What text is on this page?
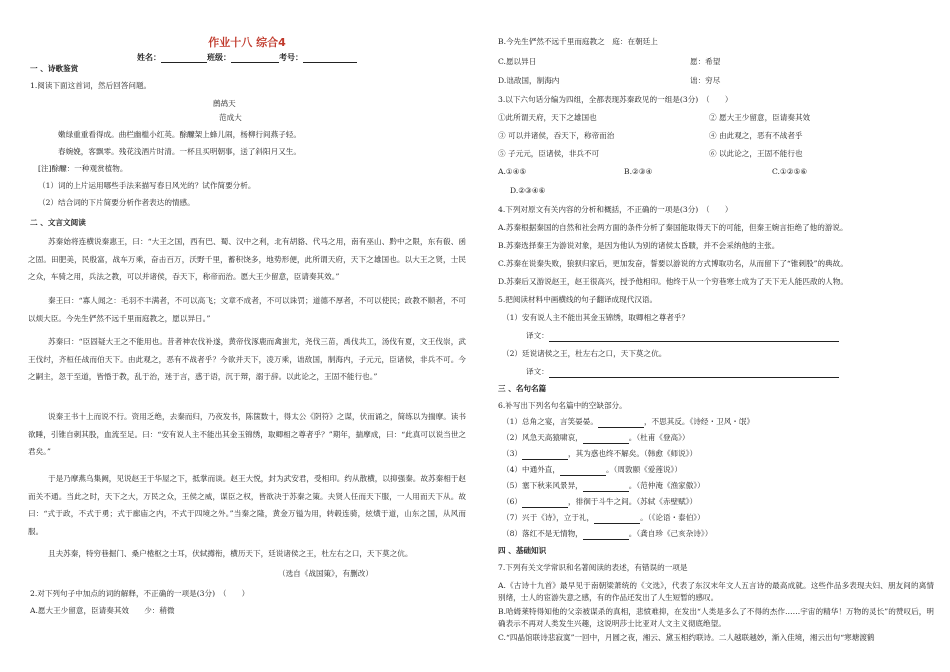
作业十八 综合4
姓名：	班级：	考号：
一 、诗歌鉴赏
1.阅读下面这首词，然后回答问题。
鹧鸪天
范成大
嫩绿重重看得成。曲栏幽槛小红英。酴醿架上蜂儿闹，杨柳行间燕子轻。
春婉娩，客飘零。残花浅酒片时清。一杯且买明朝事，送了斜阳月又生。
[注]酴醿：一种观赏植物。
（1）词的上片运用哪些手法来描写春日风光的？试作简要分析。
（2）结合词的下片简要分析作者表达的情感。
二 、文言文阅读
苏秦始将连横说秦惠王，曰：“大王之国，西有巴、蜀、汉中之利，北有胡貉、代马之用，南有巫山、黔中之限，东有殽、函之固。田肥美，民殷富，战车万乘，奋击百万，沃野千里，蓄积饶多，地势形便，此所谓天府，天下之雄国也。以大王之贤，士民之众，车骑之用，兵法之教，可以并诸侯，吞天下，称帝而治。愿大王少留意，臣请奏其效。”
秦王曰：“寡人闻之：毛羽不丰满者，不可以高飞；文章不成者，不可以诛罚；道德不厚者，不可以使民；政教不顺者，不可以烦大臣。今先生俨然不远千里而庭教之，愿以异日。”
苏秦曰：“臣固疑大王之不能用也。昔者神农伐补遂，黄帝伐涿鹿而禽蚩尤，尧伐三苗，禹伐共工，汤伐有夏，文王伐崇，武王伐纣，齐桓任战而伯天下。由此观之，恶有不战者乎？今欲并天下，凌万乘，诎敌国，制海内，子元元，臣诸侯，非兵不可。今之嗣主，忽于至道，皆惛于教，乱于治，迷于言，惑于语，沉于辩，溺于辞。以此论之，王固不能行也。”
说秦王书十上而说不行。资用乏绝，去秦而归，乃夜发书，陈箧数十，得太公《阴符》之谋，伏而诵之，简练以为揣摩。读书欲睡，引锥自刺其股，血流至足。曰：“安有说人主不能出其金玉锦绣，取卿相之尊者乎？”期年，揣摩成，曰：“此真可以说当世之君矣。”
于是乃摩燕乌集阙，见说赵王于华屋之下，抵掌而谈。赵王大悦，封为武安君，受相印。约从散横，以抑强秦。故苏秦相于赵而关不通。当此之时，天下之大，万民之众，王侯之威，谋臣之权，皆欲决于苏秦之策。夫贤人任而天下服，一人用而天下从。故曰：“式于政，不式于勇；式于廊庙之内，不式于四境之外。”当秦之隆，黄金万镒为用，转毂连骑，炫熿于道，山东之国，从风而服。
且夫苏秦，特穷巷掘门、桑户棬枢之士耳，伏轼撙衔，横历天下，廷说诸侯之王，杜左右之口，天下莫之伉。
（选自《战国策》，有删改）
2.对下列句子中加点的词的解释，不正确的一项是(3分)　（　　）
A.愿大王少留意，臣请奏其效　　少：稍微
B.今先生俨然不远千里而庭教之　庭：在朝廷上
C.愿以异日	愿：希望
D.诎敌国，制海内	诎：穷尽
3.以下六句话分编为四组，全都表现苏秦政见的一组是(3分)　（　　）
①此所谓天府，天下之雄国也	② 愿大王少留意，臣请奏其效
③ 可以并诸侯，吞天下，称帝而治	④ 由此观之，恶有不战者乎
⑤ 子元元，臣诸侯，非兵不可	⑥ 以此论之，王固不能行也
A.①④⑤	B.②③④	C.①②⑤⑥
D.②③④⑥
4.下列对原文有关内容的分析和概括，不正确的一项是(3分)　（　　）
A.苏秦根据秦国的自然和社会两方面的条件分析了秦国能取得天下的可能，但秦王婉言拒绝了他的游说。
B.苏秦选择秦王为游说对象，是因为他认为别的诸侯太昏聩，并不会采纳他的主张。
C.苏秦在说秦失败，狼狈归家后，更加发奋，誓要以游说的方式博取功名，从而留下了“锥刺股”的典故。
D.苏秦后又游说赵王，赵王很高兴，授予他相印。他终于从一个穷巷寒士成为了天下无人能匹敌的人物。
5.把阅读材料中画横线的句子翻译成现代汉语。
（1）安有说人主不能出其金玉锦绣，取卿相之尊者乎？
译文：
（2）廷说诸侯之王，杜左右之口，天下莫之伉。
译文：
三 、名句名篇
6.补写出下列名句名篇中的空缺部分。
（1）总角之宴，言笑晏晏。	，不思其反。《诗经・卫风・氓》
（2）风急天高猿啸哀，	。（杜甫《登高》）
（3）	，其为惑也终不解矣。（韩愈《师说》）
（4）中通外直，	。（周敦颐《爱莲说》）
（5）塞下秋来风景异，	。（范仲淹《渔家傲》）
（6）	，徘徊于斗牛之间。（苏轼《赤壁赋》）
（7）兴于《诗》，立于礼，	。（《论语・泰伯》）
（8）落红不是无情物，	。（龚自珍《己亥杂诗》）
四 、基础知识
7.下列有关文学常识和名著阅读的表述，有错误的一项是
A.《古诗十九首》最早见于南朝梁萧统的《文选》，代表了东汉末年文人五言诗的最高成就。这些作品多表现夫妇、朋友间的离情别绪，士人的宦游失意之感，有的作品还发出了人生短暂的感叹。
B.哈姆莱特得知他的父亲被谋杀的真相，悲愤难抑，在发出“人类是多么了不得的杰作……宇宙的精华！万物的灵长”的赞叹后，明确表示不再对人类发生兴趣，这说明莎士比亚对人文主义彻底绝望。
C.“四晶馆联诗悲寂寞”一回中，月圆之夜，湘云、黛玉相约联诗。二人越联越妙，渐入佳境，湘云出句“寒塘渡鹤
